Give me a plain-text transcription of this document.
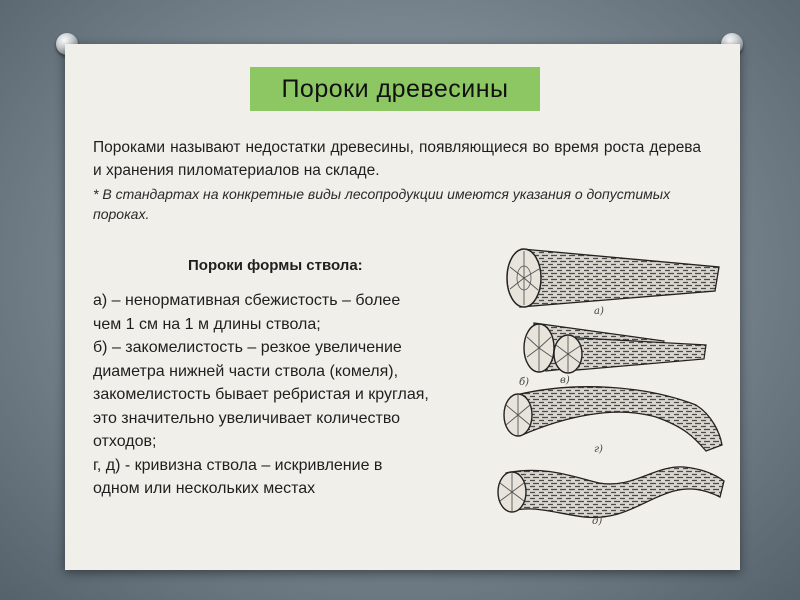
Пороки древесины
Пороками называют недостатки древесины, появляющиеся во время роста дерева и хранения пиломатериалов на складе.
* В стандартах на конкретные виды лесопродукции имеются указания о допустимых пороках.
Пороки формы ствола:
а) – ненормативная сбежистость – более
чем 1 см на 1 м длины ствола;
б) – закомелистость – резкое увеличение
диаметра нижней части ствола (комеля),
закомелистость бывает ребристая и круглая,
это значительно увеличивает количество
отходов;
г, д) - кривизна ствола – искривление в
одном или нескольких местах
а)
б)	в)
г)
д)
